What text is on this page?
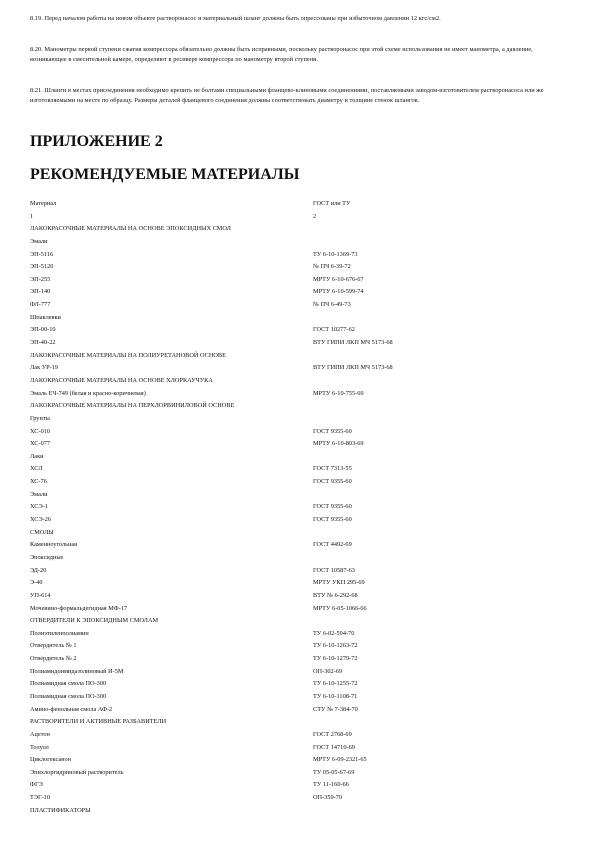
8.19. Перед началом работы на новом объекте растворонасос и материальный шланг должны быть опрессованы при избыточном давлении 12 кгс/см2.
8.20. Манометры первой ступени сжатия компрессора обязательно должны быть исправными, поскольку растворонасос при этой схеме использования не имеет манометра, а давление, возникающее в смесительной камере, определяют в ресивере компрессора по манометру второй ступени.
8.21. Шланги в местах присоединения необходимо крепить не болтами специальными фланцево-клиновыми соединениями, поставляемыми заводом-изготовителем растворонасоса или же изготовляемыми на месте по образцу. Размеры деталей фланцевого соединения должны соответствовать диаметру и толщине стенок шлангов.
ПРИЛОЖЕНИЕ 2
РЕКОМЕНДУЕМЫЕ МАТЕРИАЛЫ
Материал	ГОСТ или ТУ
1	2
ЛАКОКРАСОЧНЫЕ МАТЕРИАЛЫ НА ОСНОВЕ ЭПОКСИДНЫХ СМОЛ
Эмали
ЭП-5116	ТУ 6-10-1369-73
ЭП-5120	№ ПЧ 6-39-72
ЭП-255	МРТУ 6-10-676-67
ЭП-140	МРТУ 6-10-599-74
ФЛ-777	№ ПЧ 6-49-73
Шпаклевки
ЭП-00-10	ГОСТ 10277-62
ЭП-40-22	ВТУ ГИПИ ЛКП МЧ 5173-68
ЛАКОКРАСОЧНЫЕ МАТЕРИАЛЫ НА ПОЛИУРЕТАНОВОЙ ОСНОВЕ
Лак УР-19	ВТУ ГИПИ ЛКП МЧ 5173-68
ЛАКОКРАСОЧНЫЕ МАТЕРИАЛЫ НА ОСНОВЕ ХЛОРКАУЧУКА
Эмаль ЕЧ-749 (белая и красно-коричневая)	МРТУ 6-10-755-69
ЛАКОКРАСОЧНЫЕ МАТЕРИАЛЫ НА ПЕРХЛОРВИНИЛОВОЙ ОСНОВЕ
Грунты
ХС-010	ГОСТ 9355-60
ХС-077	МРТУ 6-10-803-69
Лаки
ХСЛ	ГОСТ 7313-55
ХС-76	ГОСТ 9355-60
Эмали
ХСЭ-1	ГОСТ 9355-60
ХСЭ-26	ГОСТ 9355-60
СМОЛЫ
Каменноугольная	ГОСТ 4492-69
Эпоксидные
ЭД-20	ГОСТ 10587-63
Э-40	МРТУ УКП 295-69
УП-614	ВТУ № 6-292-68
Мочевино-формальдегидная МФ-17	МРТУ 6-05-1066-66
ОТВЕРДИТЕЛИ К ЭПОКСИДНЫМ СМОЛАМ
Полиэтиленполиамин	ТУ 6-02-594-70
Отвердитель № 1	ТУ 6-10-1263-72
Отвердитель № 2	ТУ 6-10-1279-72
Полиамидоимидазолиновый И-5М	ОП-302-69
Полиамидная смола ПО-300	ТУ 6-10-1255-72
Полиамидная смола ПО-300	ТУ 6-10-1108-71
Амино-фенольная смола АФ-2	СТУ № 7-384-70
РАСТВОРИТЕЛИ И АКТИВНЫЕ РАЗБАВИТЕЛИ
Ацетон	ГОСТ 2768-69
Толуол	ГОСТ 14710-69
Циклогексанон	МРТУ 6-09-2321-65
Эпихлоргидриновый растворитель	ТУ 05-05-67-69
ФГЭ	ТУ 11-160-66
ТЭГ-10	ОП-359-70
ПЛАСТИФИКАТОРЫ
